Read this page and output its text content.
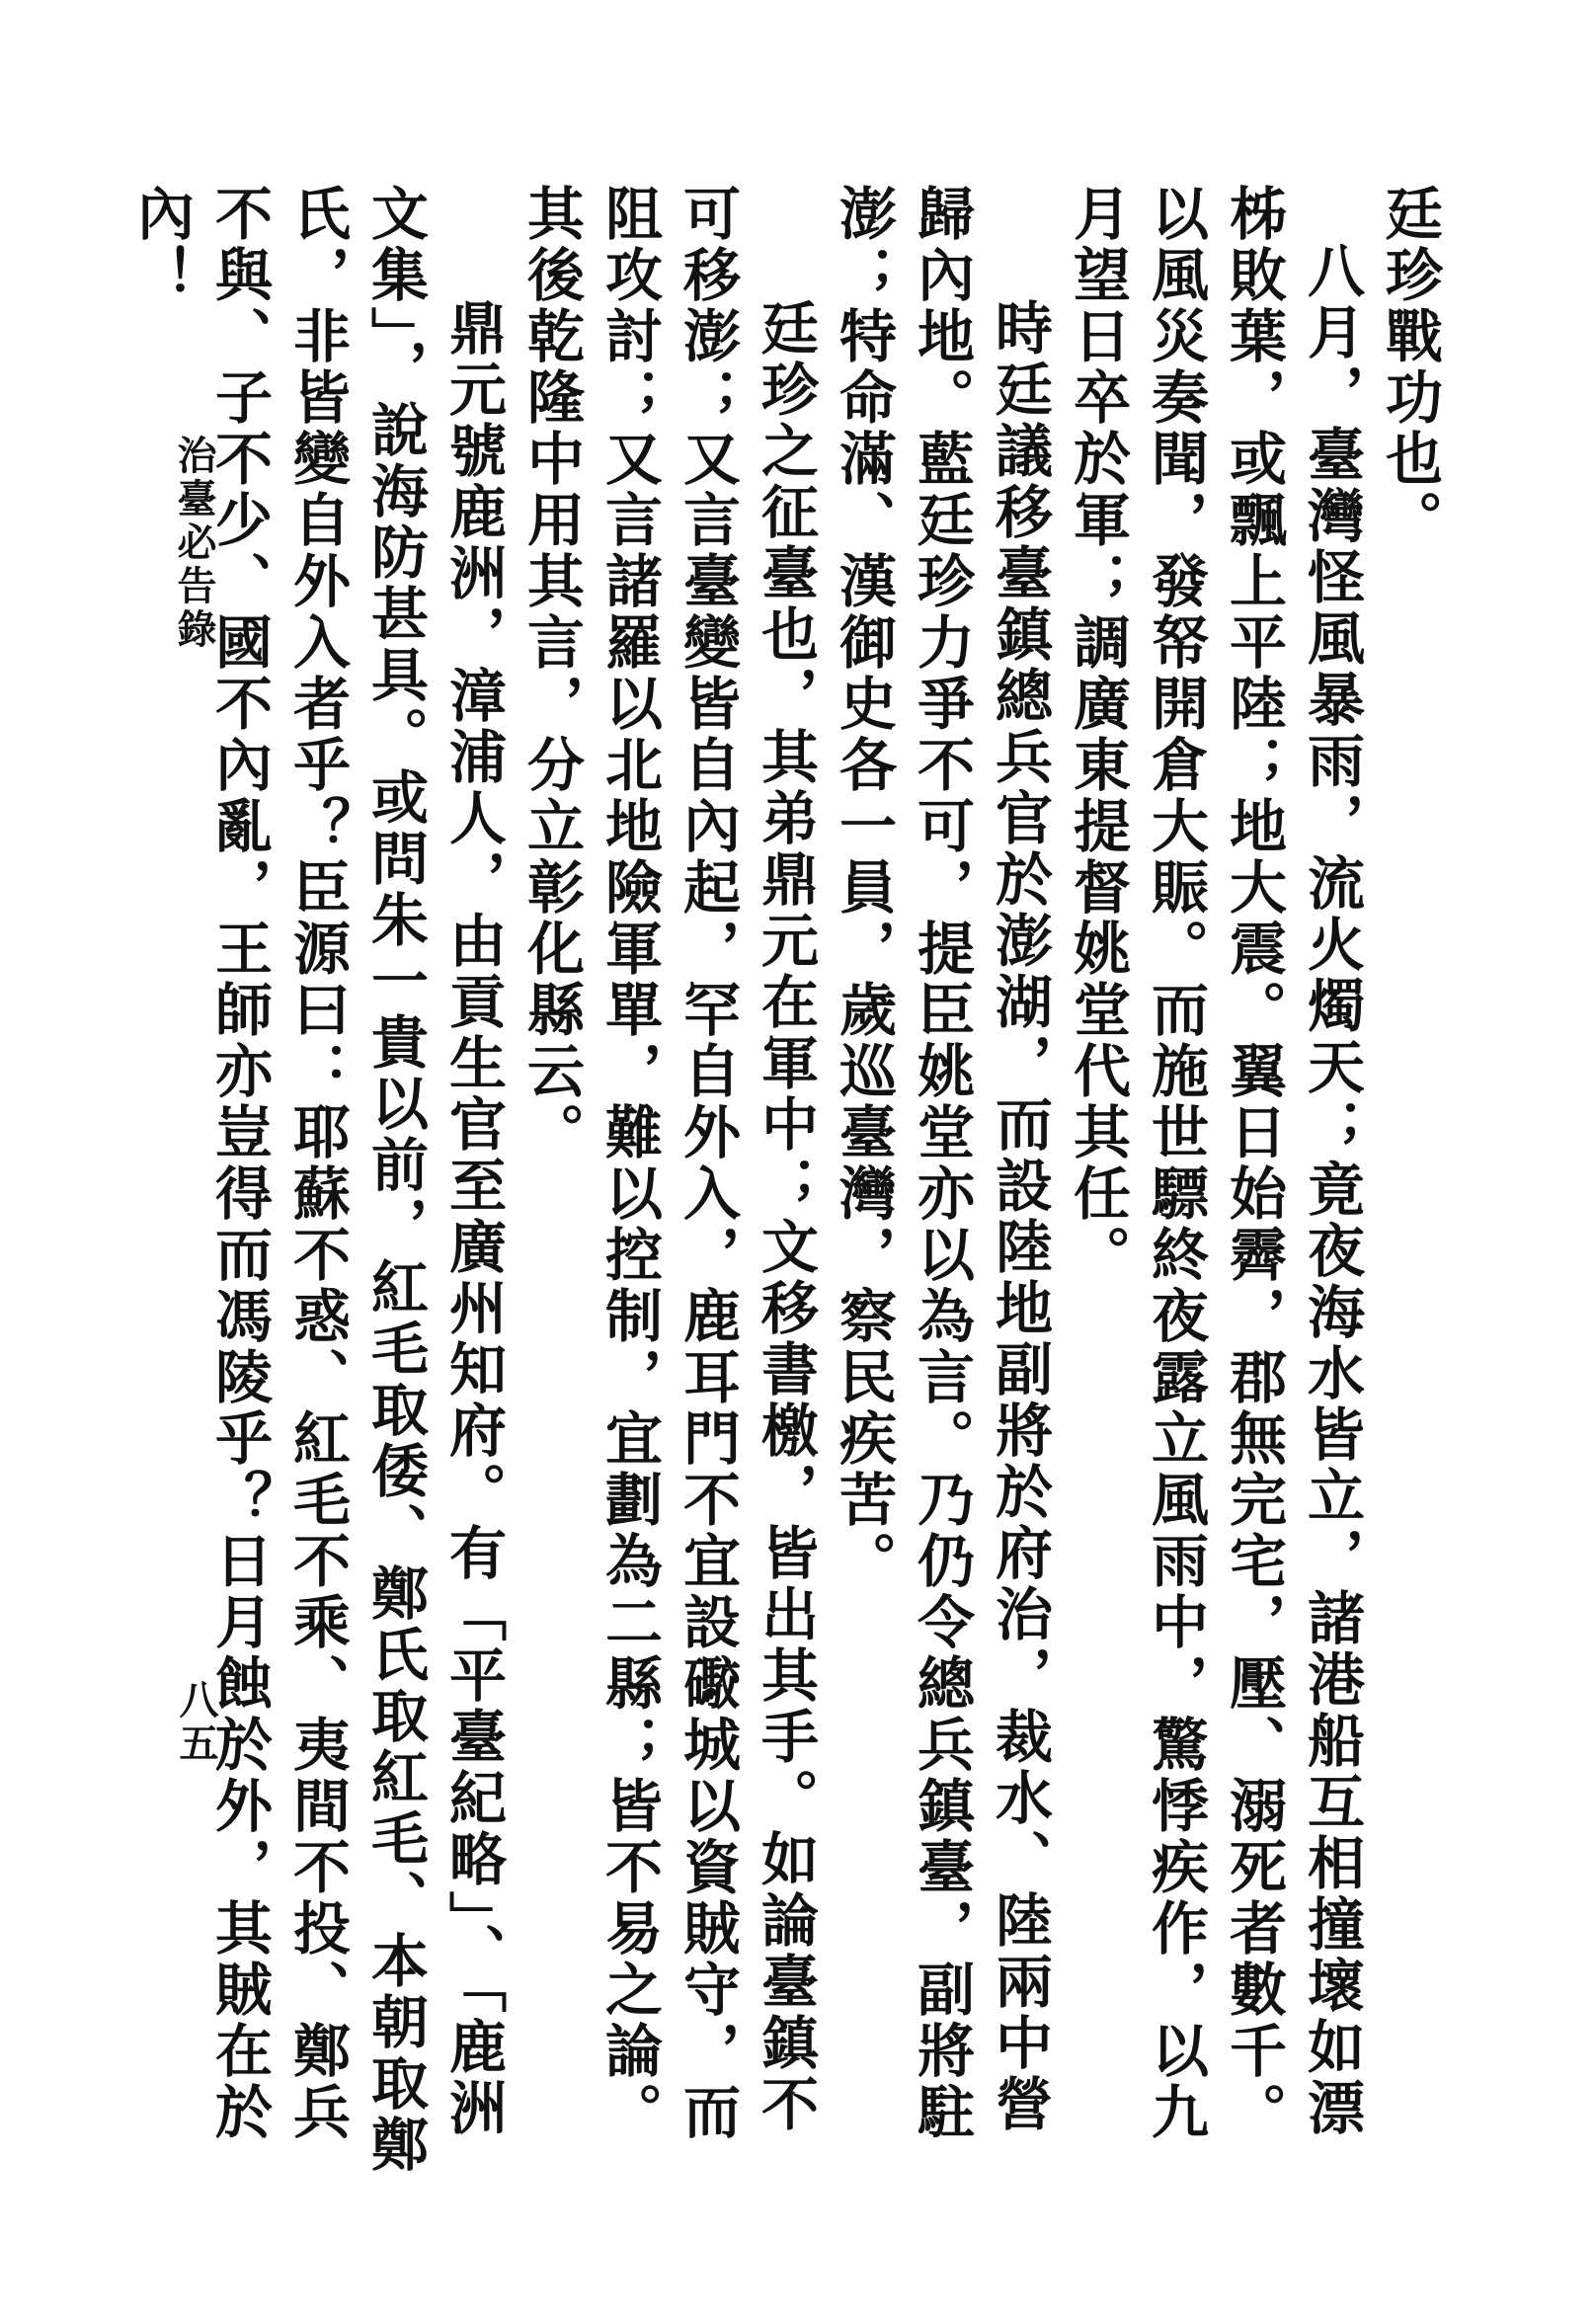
廷珍戰功也。

八月，臺灣怪風暴雨，流火燭天；竟夜海水皆立，諸港船互相撞壞如漂柹敗葉，或飄上平陸；地大震。翼日始霽，郡無完宅，壓、溺死者數千。以風災奏聞，發帑開倉大賑。而施世驃終夜露立風雨中，驚悸疾作，以九月望日卒於軍；調廣東提督姚堂代其任。

時廷議移臺鎮總兵官於澎湖，而設陸地副將於府治，裁水、陸兩中營歸內地。藍廷珍力爭不可，提臣姚堂亦以為言。乃仍令總兵鎮臺，副將駐澎；特命滿、漢御史各一員，歲巡臺灣，察民疾苦。

廷珍之征臺也，其弟鼎元在軍中；文移書檄，皆出其手。如論臺鎮不可移澎；又言臺變皆自內起，罕自外入，鹿耳門不宜設礮城以資賊守，而阻攻討；又言諸羅以北地險軍單，難以控制，宜劃為二縣；皆不易之論。其後乾隆中用其言，分立彰化縣云。

鼎元號鹿洲，漳浦人，由貢生官至廣州知府。有「平臺紀略」、「鹿洲文集」，說海防甚具。或問朱一貴以前，紅毛取倭、鄭氏取紅毛、本朝取鄭氏，非皆變自外入者乎？臣源曰：耶蘇不惑、紅毛不乘、夷間不投、鄭兵不與、子不少、國不內亂，王師亦豈得而馮陵乎？日月蝕於外，其賊在於內！

治臺必告錄
八五
